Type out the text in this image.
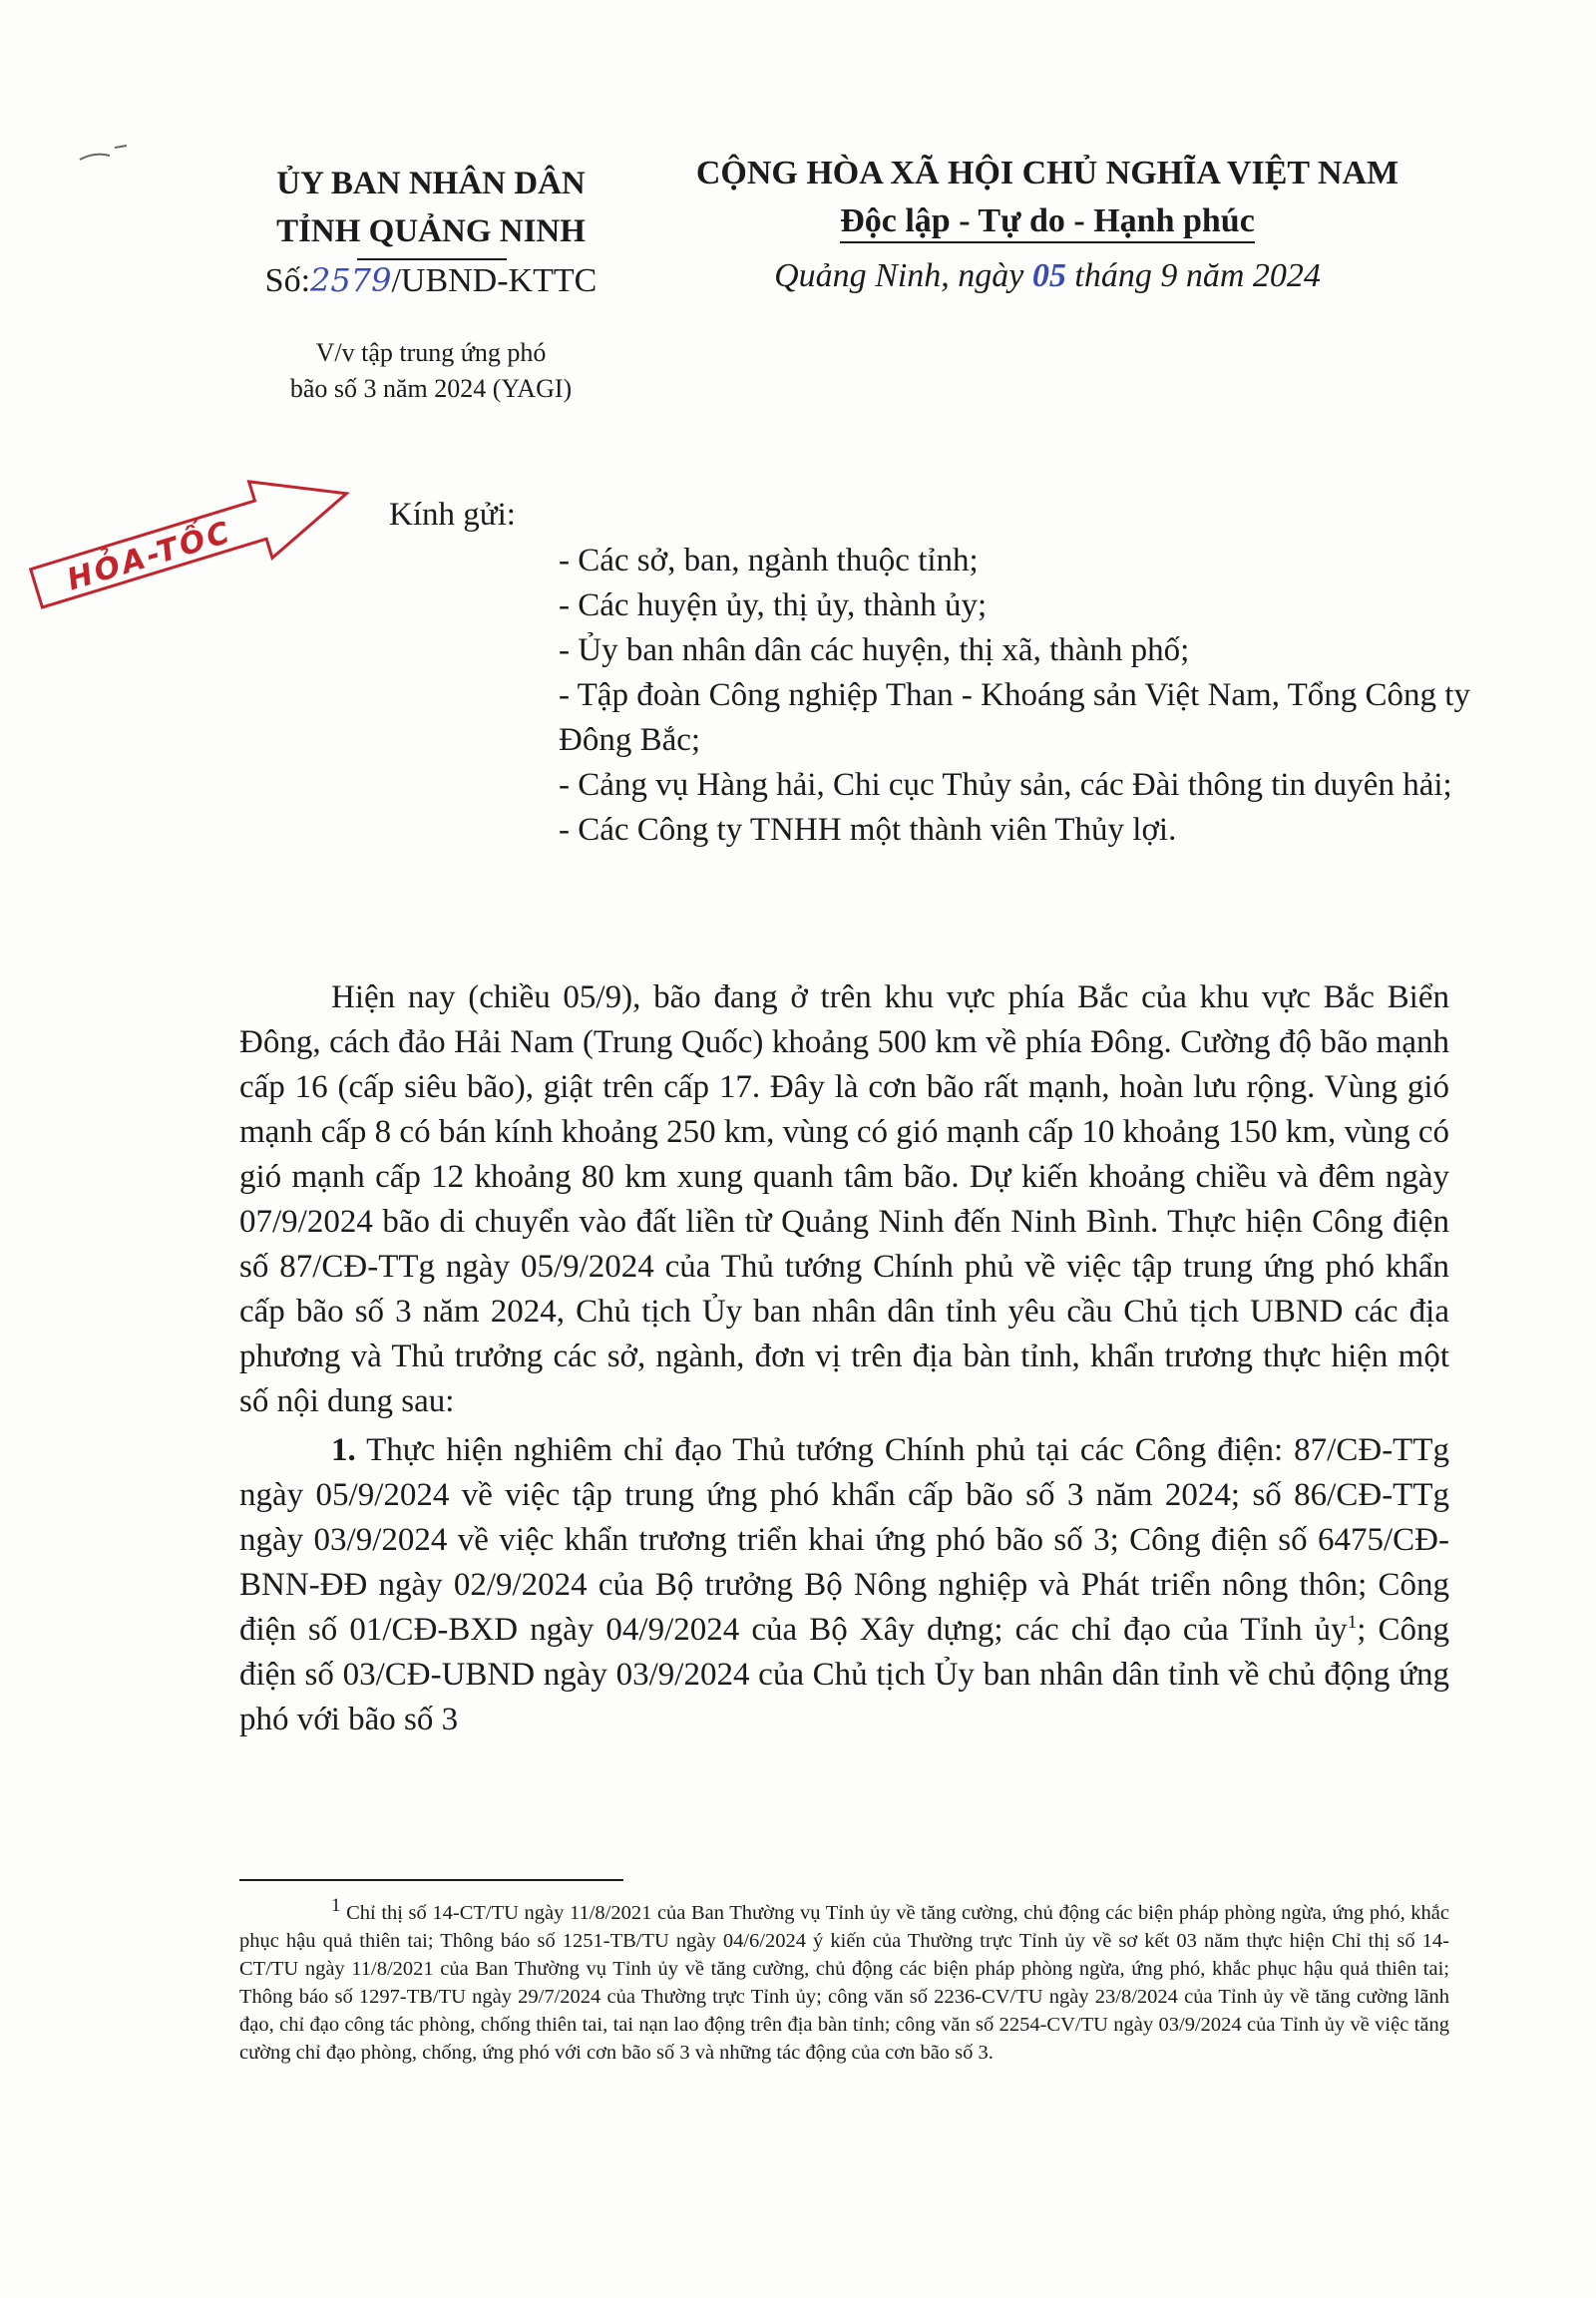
ỦY BAN NHÂN DÂN
TỈNH QUẢNG NINH
Số:2579/UBND-KTTC
V/v tập trung ứng phó
bão số 3 năm 2024 (YAGI)
CỘNG HÒA XÃ HỘI CHỦ NGHĨA VIỆT NAM
Độc lập - Tự do - Hạnh phúc
Quảng Ninh, ngày 05 tháng 9 năm 2024
HỎA-TỐC
Kính gửi:
- Các sở, ban, ngành thuộc tỉnh;
- Các huyện ủy, thị ủy, thành ủy;
- Ủy ban nhân dân các huyện, thị xã, thành phố;
- Tập đoàn Công nghiệp Than - Khoáng sản Việt Nam, Tổng Công ty Đông Bắc;
- Cảng vụ Hàng hải, Chi cục Thủy sản, các Đài thông tin duyên hải;
- Các Công ty TNHH một thành viên Thủy lợi.

Hiện nay (chiều 05/9), bão đang ở trên khu vực phía Bắc của khu vực Bắc Biển Đông, cách đảo Hải Nam (Trung Quốc) khoảng 500 km về phía Đông. Cường độ bão mạnh cấp 16 (cấp siêu bão), giật trên cấp 17. Đây là cơn bão rất mạnh, hoàn lưu rộng. Vùng gió mạnh cấp 8 có bán kính khoảng 250 km, vùng có gió mạnh cấp 10 khoảng 150 km, vùng có gió mạnh cấp 12 khoảng 80 km xung quanh tâm bão. Dự kiến khoảng chiều và đêm ngày 07/9/2024 bão di chuyển vào đất liền từ Quảng Ninh đến Ninh Bình. Thực hiện Công điện số 87/CĐ-TTg ngày 05/9/2024 của Thủ tướng Chính phủ về việc tập trung ứng phó khẩn cấp bão số 3 năm 2024, Chủ tịch Ủy ban nhân dân tỉnh yêu cầu Chủ tịch UBND các địa phương và Thủ trưởng các sở, ngành, đơn vị trên địa bàn tỉnh, khẩn trương thực hiện một số nội dung sau:

1. Thực hiện nghiêm chỉ đạo Thủ tướng Chính phủ tại các Công điện: 87/CĐ-TTg ngày 05/9/2024 về việc tập trung ứng phó khẩn cấp bão số 3 năm 2024; số 86/CĐ-TTg ngày 03/9/2024 về việc khẩn trương triển khai ứng phó bão số 3; Công điện số 6475/CĐ-BNN-ĐĐ ngày 02/9/2024 của Bộ trưởng Bộ Nông nghiệp và Phát triển nông thôn; Công điện số 01/CĐ-BXD ngày 04/9/2024 của Bộ Xây dựng; các chỉ đạo của Tỉnh ủy$^1$; Công điện số 03/CĐ-UBND ngày 03/9/2024 của Chủ tịch Ủy ban nhân dân tỉnh về chủ động ứng phó với bão số 3

$^1$ Chỉ thị số 14-CT/TU ngày 11/8/2021 của Ban Thường vụ Tỉnh ủy về tăng cường, chủ động các biện pháp phòng ngừa, ứng phó, khắc phục hậu quả thiên tai; Thông báo số 1251-TB/TU ngày 04/6/2024 ý kiến của Thường trực Tỉnh ủy về sơ kết 03 năm thực hiện Chỉ thị số 14-CT/TU ngày 11/8/2021 của Ban Thường vụ Tỉnh ủy về tăng cường, chủ động các biện pháp phòng ngừa, ứng phó, khắc phục hậu quả thiên tai; Thông báo số 1297-TB/TU ngày 29/7/2024 của Thường trực Tỉnh ủy; công văn số 2236-CV/TU ngày 23/8/2024 của Tỉnh ủy về tăng cường lãnh đạo, chỉ đạo công tác phòng, chống thiên tai, tai nạn lao động trên địa bàn tỉnh; công văn số 2254-CV/TU ngày 03/9/2024 của Tỉnh ủy về việc tăng cường chỉ đạo phòng, chống, ứng phó với cơn bão số 3 và những tác động của cơn bão số 3.
